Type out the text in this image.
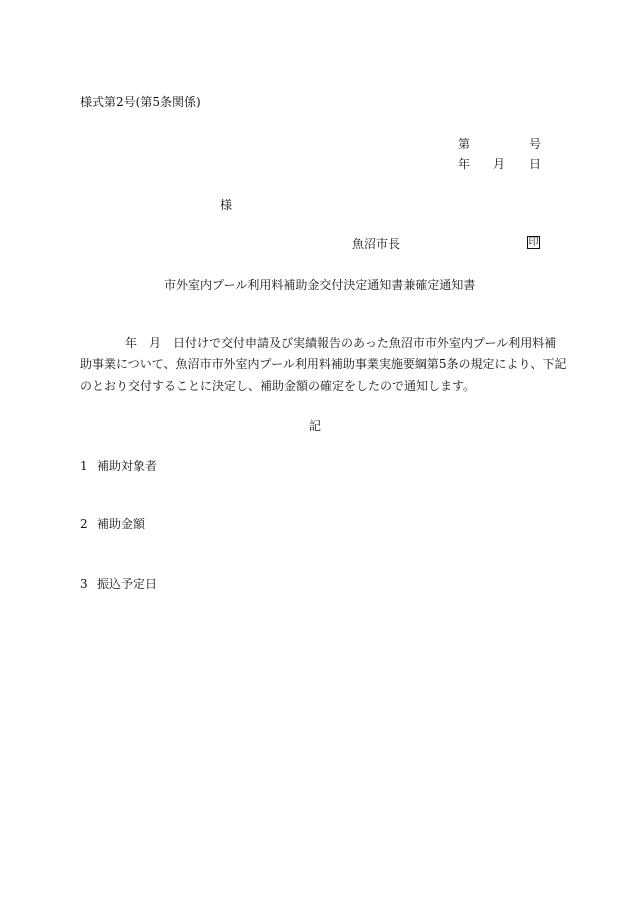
様式第2号(第5条関係)
第	号
年 月 日
様
魚沼市長	印
市外室内プール利用料補助金交付決定通知書兼確定通知書
年　月　日付けで交付申請及び実績報告のあった魚沼市市外室内プール利用料補
助事業について、魚沼市市外室内プール利用料補助事業実施要綱第5条の規定により、下記
のとおり交付することに決定し、補助金額の確定をしたので通知します。
記
1 補助対象者
2 補助金額
3 振込予定日
